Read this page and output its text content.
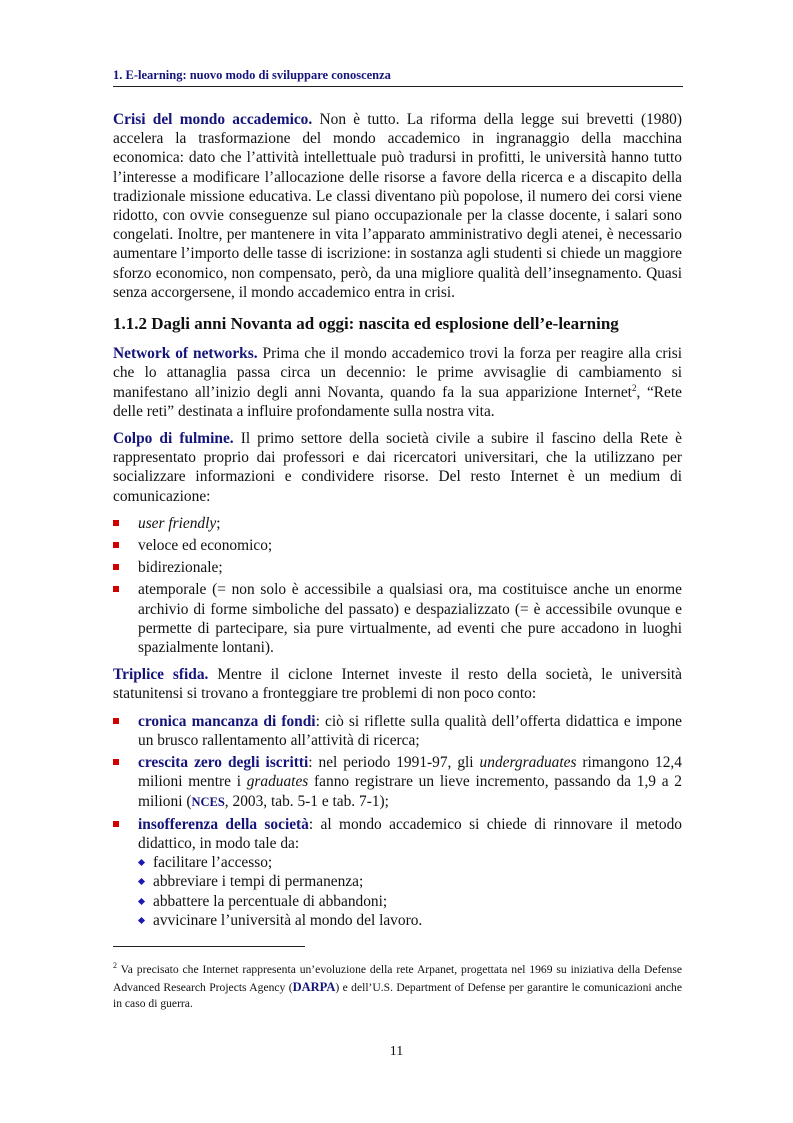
1. E-learning: nuovo modo di sviluppare conoscenza

Crisi del mondo accademico. Non è tutto. La riforma della legge sui brevetti (1980) accelera la trasformazione del mondo accademico in ingranaggio della macchina economica: dato che l’attività intellettuale può tradursi in profitti, le università hanno tutto l’interesse a modificare l’allocazione delle risorse a favore della ricerca e a discapito della tradizionale missione educativa. Le classi diventano più popolose, il numero dei corsi viene ridotto, con ovvie conseguenze sul piano occupazionale per la classe docente, i salari sono congelati. Inoltre, per mantenere in vita l’apparato amministrativo degli atenei, è necessario aumentare l’importo delle tasse di iscrizione: in sostanza agli studenti si chiede un maggiore sforzo economico, non compensato, però, da una migliore qualità dell’insegnamento. Quasi senza accorgersene, il mondo accademico entra in crisi.

1.1.2 Dagli anni Novanta ad oggi: nascita ed esplosione dell’e-learning

Network of networks. Prima che il mondo accademico trovi la forza per reagire alla crisi che lo attanaglia passa circa un decennio: le prime avvisaglie di cambiamento si manifestano all’inizio degli anni Novanta, quando fa la sua apparizione Internet$^2$, “Rete delle reti” destinata a influire profondamente sulla nostra vita.

Colpo di fulmine. Il primo settore della società civile a subire il fascino della Rete è rappresentato proprio dai professori e dai ricercatori universitari, che la utilizzano per socializzare informazioni e condividere risorse. Del resto Internet è un medium di comunicazione:

user friendly;
veloce ed economico;
bidirezionale;
atemporale (= non solo è accessibile a qualsiasi ora, ma costituisce anche un enorme archivio di forme simboliche del passato) e despazializzato (= è accessibile ovunque e permette di partecipare, sia pure virtualmente, ad eventi che pure accadono in luoghi spazialmente lontani).

Triplice sfida. Mentre il ciclone Internet investe il resto della società, le università statunitensi si trovano a fronteggiare tre problemi di non poco conto:

cronica mancanza di fondi: ciò si riflette sulla qualità dell’offerta didattica e impone un brusco rallentamento all’attività di ricerca;
crescita zero degli iscritti: nel periodo 1991-97, gli undergraduates rimangono 12,4 milioni mentre i graduates fanno registrare un lieve incremento, passando da 1,9 a 2 milioni (NCES, 2003, tab. 5-1 e tab. 7-1);
insofferenza della società: al mondo accademico si chiede di rinnovare il metodo didattico, in modo tale da:
facilitare l’accesso;
abbreviare i tempi di permanenza;
abbattere la percentuale di abbandoni;
avvicinare l’università al mondo del lavoro.
$^2$ Va precisato che Internet rappresenta un’evoluzione della rete Arpanet, progettata nel 1969 su iniziativa della Defense Advanced Research Projects Agency (DARPA) e dell’U.S. Department of Defense per garantire le comunicazioni anche in caso di guerra.
11
